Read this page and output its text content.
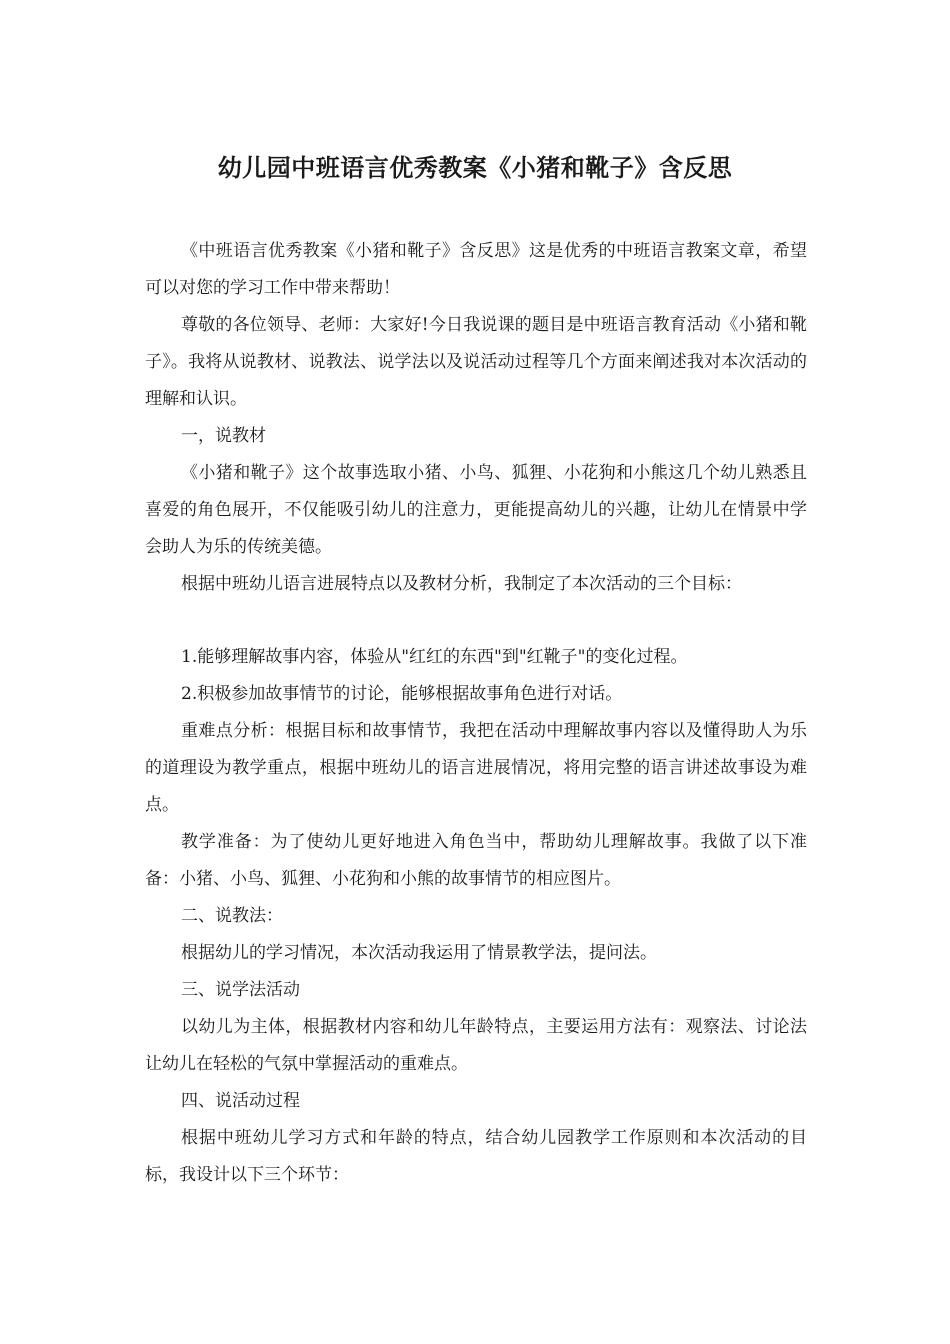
幼儿园中班语言优秀教案《小猪和靴子》含反思

《中班语言优秀教案《小猪和靴子》含反思》这是优秀的中班语言教案文章，希望可以对您的学习工作中带来帮助！

尊敬的各位领导、老师：大家好!今日我说课的题目是中班语言教育活动《小猪和靴子》。我将从说教材、说教法、说学法以及说活动过程等几个方面来阐述我对本次活动的理解和认识。

一，说教材

《小猪和靴子》这个故事选取小猪、小鸟、狐狸、小花狗和小熊这几个幼儿熟悉且喜爱的角色展开，不仅能吸引幼儿的注意力，更能提高幼儿的兴趣，让幼儿在情景中学会助人为乐的传统美德。

根据中班幼儿语言进展特点以及教材分析，我制定了本次活动的三个目标：

1.能够理解故事内容，体验从"红红的东西"到"红靴子"的变化过程。

2.积极参加故事情节的讨论，能够根据故事角色进行对话。

重难点分析：根据目标和故事情节，我把在活动中理解故事内容以及懂得助人为乐的道理设为教学重点，根据中班幼儿的语言进展情况，将用完整的语言讲述故事设为难点。

教学准备：为了使幼儿更好地进入角色当中，帮助幼儿理解故事。我做了以下准备：小猪、小鸟、狐狸、小花狗和小熊的故事情节的相应图片。

二、说教法：

根据幼儿的学习情况，本次活动我运用了情景教学法，提问法。

三、说学法活动

以幼儿为主体，根据教材内容和幼儿年龄特点，主要运用方法有：观察法、讨论法让幼儿在轻松的气氛中掌握活动的重难点。

四、说活动过程

根据中班幼儿学习方式和年龄的特点，结合幼儿园教学工作原则和本次活动的目标，我设计以下三个环节：
